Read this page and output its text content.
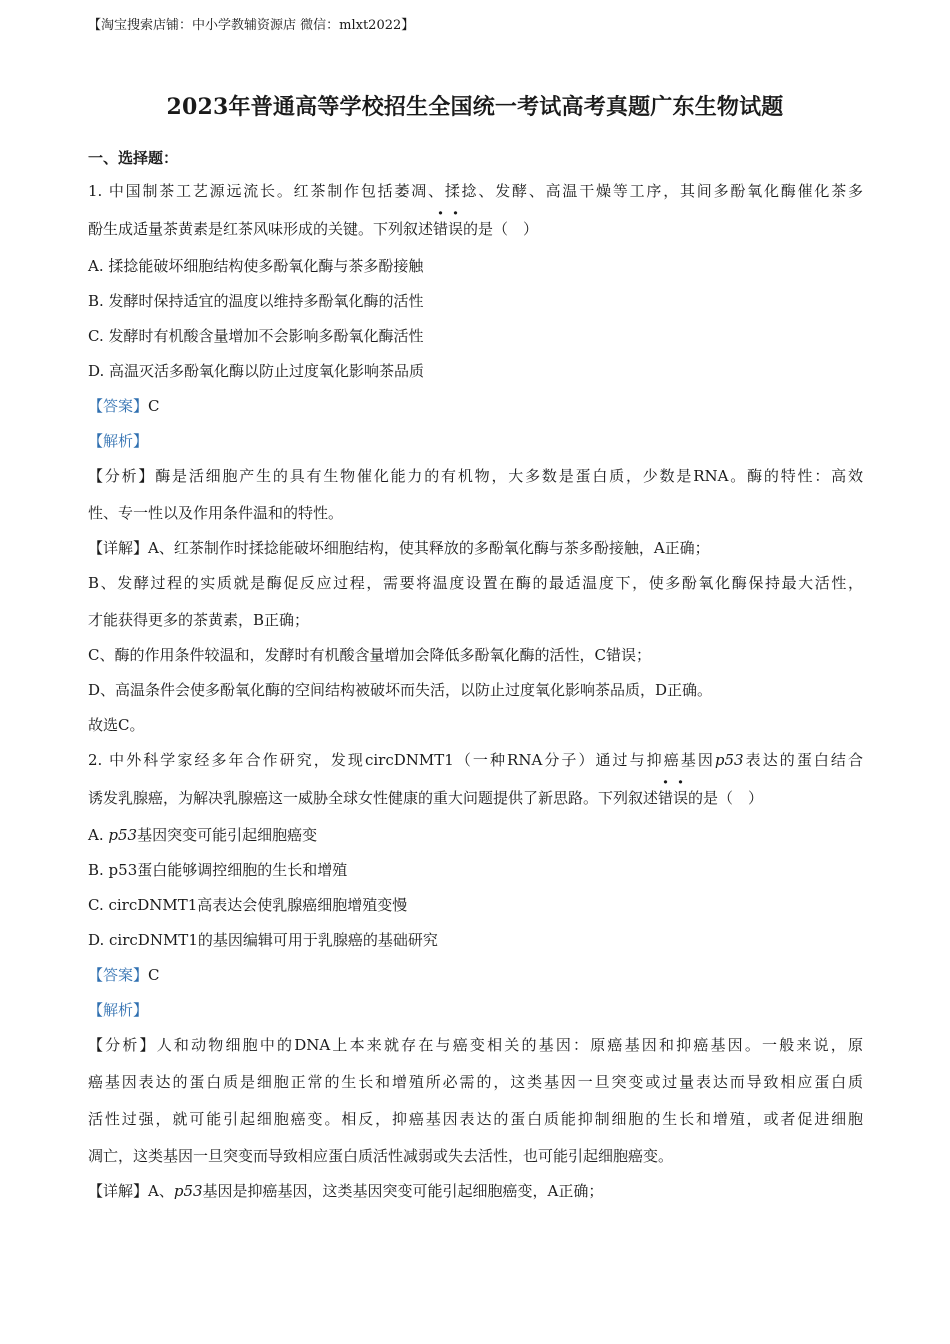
【淘宝搜索店铺：中小学教辅资源店 微信：mlxt2022】
2023年普通高等学校招生全国统一考试高考真题广东生物试题
一、选择题：
1. 中国制茶工艺源远流长。红茶制作包括萎凋、揉捻、发酵、高温干燥等工序，其间多酚氧化酶催化茶多
酚生成适量茶黄素是红茶风味形成的关键。下列叙述错误的是（　）
A. 揉捻能破坏细胞结构使多酚氧化酶与茶多酚接触
B. 发酵时保持适宜的温度以维持多酚氧化酶的活性
C. 发酵时有机酸含量增加不会影响多酚氧化酶活性
D. 高温灭活多酚氧化酶以防止过度氧化影响茶品质
【答案】C
【解析】
【分析】酶是活细胞产生的具有生物催化能力的有机物，大多数是蛋白质，少数是RNA。酶的特性：高效
性、专一性以及作用条件温和的特性。
【详解】A、红茶制作时揉捻能破坏细胞结构，使其释放的多酚氧化酶与茶多酚接触，A正确；
B、发酵过程的实质就是酶促反应过程，需要将温度设置在酶的最适温度下，使多酚氧化酶保持最大活性，
才能获得更多的茶黄素，B正确；
C、酶的作用条件较温和，发酵时有机酸含量增加会降低多酚氧化酶的活性，C错误；
D、高温条件会使多酚氧化酶的空间结构被破坏而失活，以防止过度氧化影响茶品质，D正确。
故选C。
2. 中外科学家经多年合作研究，发现circDNMT1（一种RNA分子）通过与抑癌基因p53表达的蛋白结合
诱发乳腺癌，为解决乳腺癌这一威胁全球女性健康的重大问题提供了新思路。下列叙述错误的是（　）
A. p53基因突变可能引起细胞癌变
B. p53蛋白能够调控细胞的生长和增殖
C. circDNMT1高表达会使乳腺癌细胞增殖变慢
D. circDNMT1的基因编辑可用于乳腺癌的基础研究
【答案】C
【解析】
【分析】人和动物细胞中的DNA上本来就存在与癌变相关的基因：原癌基因和抑癌基因。一般来说，原
癌基因表达的蛋白质是细胞正常的生长和增殖所必需的，这类基因一旦突变或过量表达而导致相应蛋白质
活性过强，就可能引起细胞癌变。相反，抑癌基因表达的蛋白质能抑制细胞的生长和增殖，或者促进细胞
凋亡，这类基因一旦突变而导致相应蛋白质活性减弱或失去活性，也可能引起细胞癌变。
【详解】A、p53基因是抑癌基因，这类基因突变可能引起细胞癌变，A正确；
